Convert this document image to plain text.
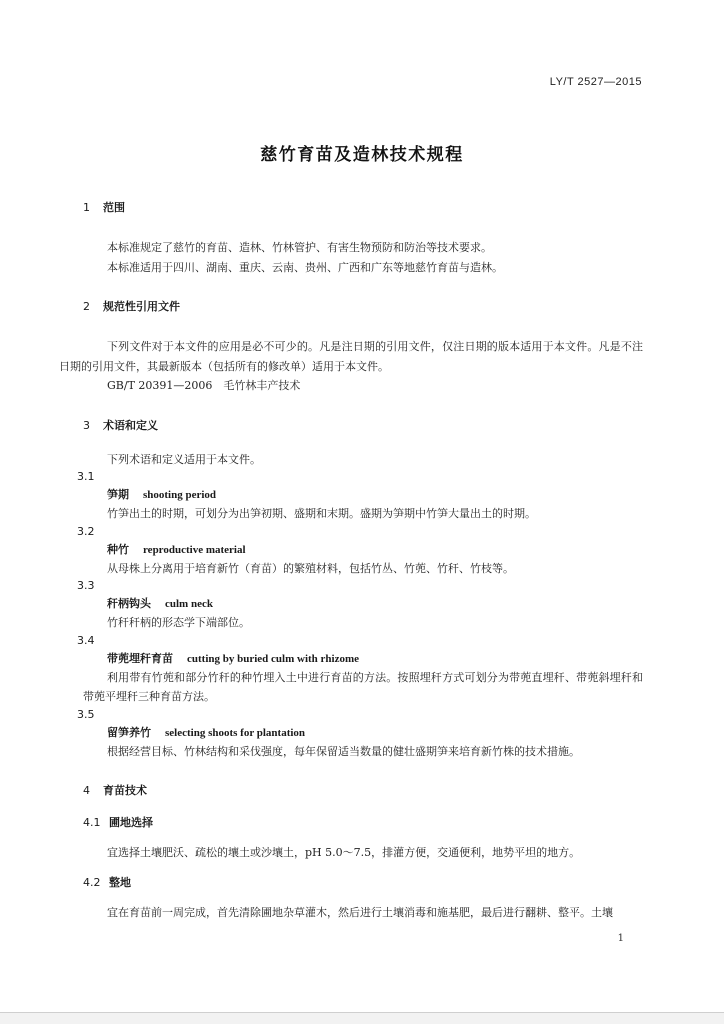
LY/T 2527—2015
慈竹育苗及造林技术规程
1 范围

本标准规定了慈竹的育苗、造林、竹林管护、有害生物预防和防治等技术要求。

本标准适用于四川、湖南、重庆、云南、贵州、广西和广东等地慈竹育苗与造林。

2 规范性引用文件

下列文件对于本文件的应用是必不可少的。凡是注日期的引用文件，仅注日期的版本适用于本文件。凡是不注日期的引用文件，其最新版本（包括所有的修改单）适用于本文件。

GB/T 20391—2006　毛竹林丰产技术

3 术语和定义

下列术语和定义适用于本文件。

3.1
笋期 shooting period

竹笋出土的时期，可划分为出笋初期、盛期和末期。盛期为笋期中竹笋大量出土的时期。

3.2
种竹 reproductive material

从母株上分离用于培育新竹（育苗）的繁殖材料，包括竹丛、竹蔸、竹秆、竹枝等。

3.3
秆柄钩头 culm neck

竹秆秆柄的形态学下端部位。

3.4
带蔸埋秆育苗 cutting by buried culm with rhizome

利用带有竹蔸和部分竹秆的种竹埋入土中进行育苗的方法。按照埋秆方式可划分为带蔸直埋秆、带蔸斜埋秆和带蔸平埋秆三种育苗方法。

3.5
留笋养竹 selecting shoots for plantation

根据经营目标、竹林结构和采伐强度，每年保留适当数量的健壮盛期笋来培育新竹株的技术措施。

4 育苗技术
4.1 圃地选择

宜选择土壤肥沃、疏松的壤土或沙壤土，pH 5.0～7.5，排灌方便，交通便利，地势平坦的地方。

4.2 整地

宜在育苗前一周完成，首先清除圃地杂草灌木，然后进行土壤消毒和施基肥，最后进行翻耕、整平。土壤

1
